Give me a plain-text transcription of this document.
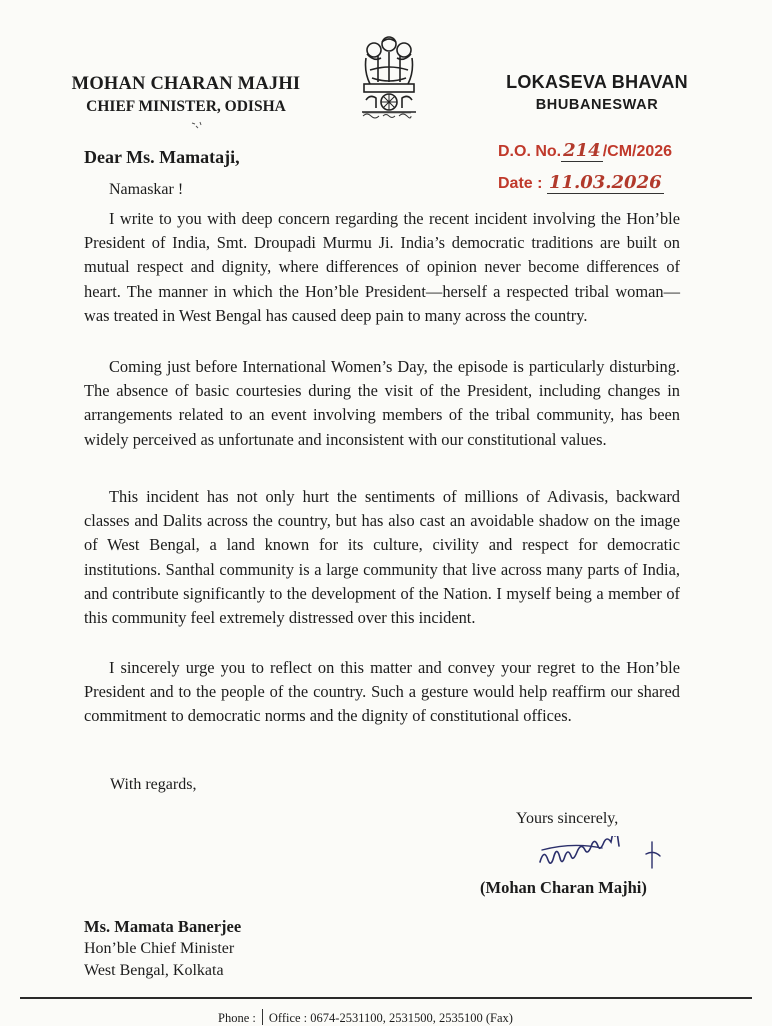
MOHAN CHARAN MAJHI
CHIEF MINISTER, ODISHA
LOKASEVA BHAVAN
BHUBANESWAR
D.O. No. 214 /CM/2026
Date : 11.03.2026
Dear Ms. Mamataji,
Namaskar !

I write to you with deep concern regarding the recent incident involving the Hon’ble President of India, Smt. Droupadi Murmu Ji. India’s democratic traditions are built on mutual respect and dignity, where differences of opinion never become differences of heart. The manner in which the Hon’ble President—herself a respected tribal woman—was treated in West Bengal has caused deep pain to many across the country.

Coming just before International Women’s Day, the episode is particularly disturbing. The absence of basic courtesies during the visit of the President, including changes in arrangements related to an event involving members of the tribal community, has been widely perceived as unfortunate and inconsistent with our constitutional values.

This incident has not only hurt the sentiments of millions of Adivasis, backward classes and Dalits across the country, but has also cast an avoidable shadow on the image of West Bengal, a land known for its culture, civility and respect for democratic institutions. Santhal community is a large community that live across many parts of India, and contribute significantly to the development of the Nation. I myself being a member of this community feel extremely distressed over this incident.

I sincerely urge you to reflect on this matter and convey your regret to the Hon’ble President and to the people of the country. Such a gesture would help reaffirm our shared commitment to democratic norms and the dignity of constitutional offices.

With regards,
Yours sincerely,
(Mohan Charan Majhi)
Ms. Mamata Banerjee
Hon’ble Chief Minister
West Bengal, Kolkata
Phone : Office : 0674-2531100, 2531500, 2535100 (Fax)
